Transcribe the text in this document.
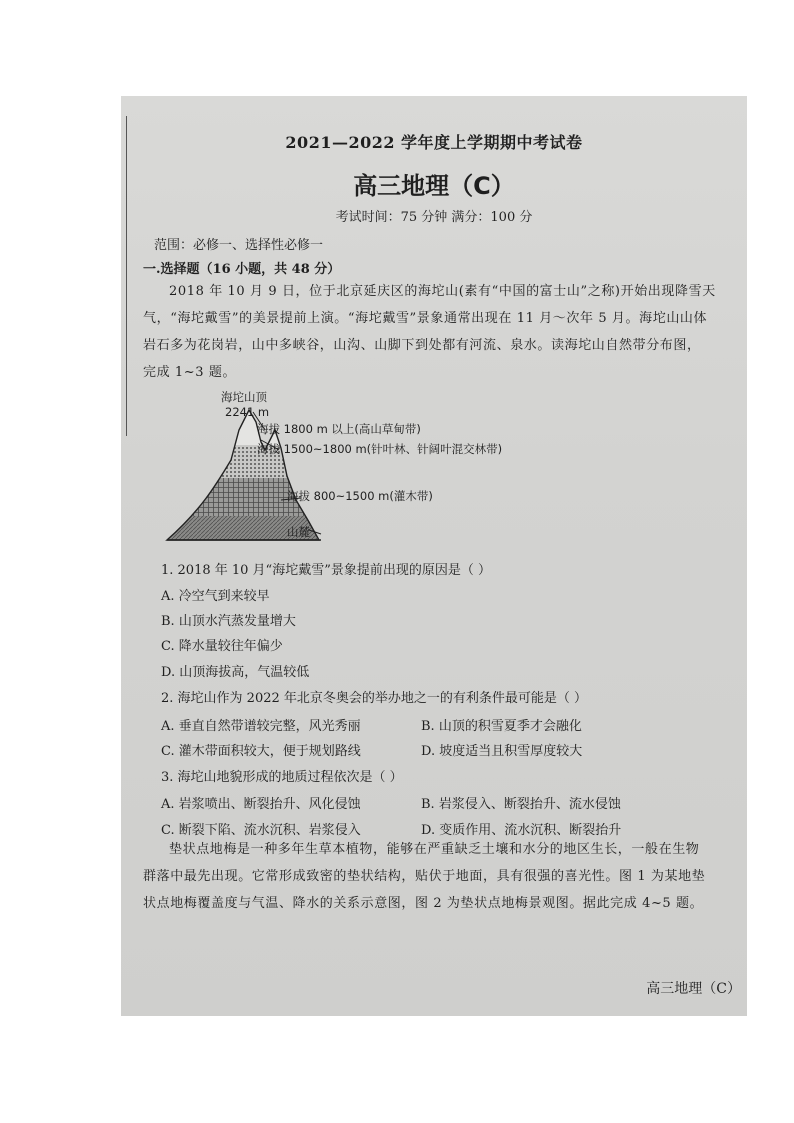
2021—2022 学年度上学期期中考试卷
高三地理（C）
考试时间：75 分钟 满分：100 分
范围：必修一、选择性必修一
一.选择题（16 小题，共 48 分）

2018 年 10 月 9 日，位于北京延庆区的海坨山(素有“中国的富士山”之称)开始出现降雪天

气，“海坨戴雪”的美景提前上演。“海坨戴雪”景象通常出现在 11 月～次年 5 月。海坨山山体

岩石多为花岗岩，山中多峡谷，山沟、山脚下到处都有河流、泉水。读海坨山自然带分布图，

完成 1~3 题。

海坨山顶
2241 m
海拔 1800 m 以上(高山草甸带)
海拔 1500~1800 m(针叶林、针阔叶混交林带)
海拔 800~1500 m(灌木带)
山麓
1. 2018 年 10 月“海坨戴雪”景象提前出现的原因是（ ）
A. 冷空气到来较早
B. 山顶水汽蒸发量增大
C. 降水量较往年偏少
D. 山顶海拔高，气温较低
2. 海坨山作为 2022 年北京冬奥会的举办地之一的有利条件最可能是（ ）
A. 垂直自然带谱较完整，风光秀丽	B. 山顶的积雪夏季才会融化
C. 灌木带面积较大，便于规划路线	D. 坡度适当且积雪厚度较大
3. 海坨山地貌形成的地质过程依次是（ ）
A. 岩浆喷出、断裂抬升、风化侵蚀	B. 岩浆侵入、断裂抬升、流水侵蚀
C. 断裂下陷、流水沉积、岩浆侵入	D. 变质作用、流水沉积、断裂抬升

垫状点地梅是一种多年生草本植物，能够在严重缺乏土壤和水分的地区生长，一般在生物

群落中最先出现。它常形成致密的垫状结构，贴伏于地面，具有很强的喜光性。图 1 为某地垫

状点地梅覆盖度与气温、降水的关系示意图，图 2 为垫状点地梅景观图。据此完成 4~5 题。

高三地理（C）
